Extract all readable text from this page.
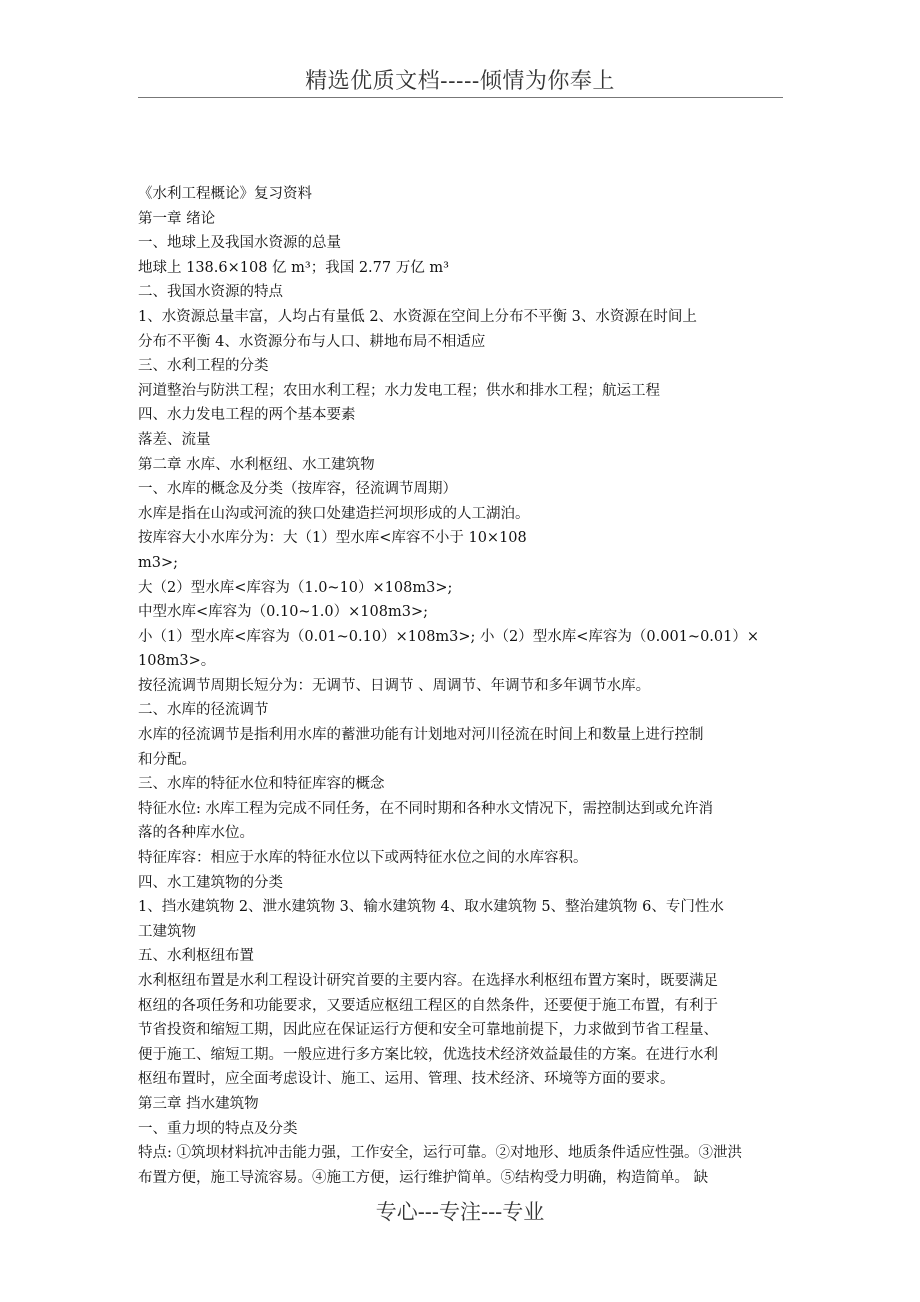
精选优质文档-----倾情为你奉上
《水利工程概论》复习资料
第一章 绪论
一、地球上及我国水资源的总量
地球上 138.6×108 亿 m³；我国 2.77 万亿 m³
二、我国水资源的特点
1、水资源总量丰富，人均占有量低 2、水资源在空间上分布不平衡 3、水资源在时间上
分布不平衡 4、水资源分布与人口、耕地布局不相适应
三、水利工程的分类
河道整治与防洪工程；农田水利工程；水力发电工程；供水和排水工程；航运工程
四、水力发电工程的两个基本要素
落差、流量
第二章 水库、水利枢纽、水工建筑物
一、水库的概念及分类（按库容，径流调节周期）
水库是指在山沟或河流的狭口处建造拦河坝形成的人工湖泊。
按库容大小水库分为：大（1）型水库<库容不小于 10×108
m3>;
大（2）型水库<库容为（1.0~10）×108m3>;
中型水库<库容为（0.10~1.0）×108m3>;
小（1）型水库<库容为（0.01~0.10）×108m3>; 小（2）型水库<库容为（0.001~0.01）×
108m3>。
按径流调节周期长短分为：无调节、日调节 、周调节、年调节和多年调节水库。
二、水库的径流调节
水库的径流调节是指利用水库的蓄泄功能有计划地对河川径流在时间上和数量上进行控制
和分配。
三、水库的特征水位和特征库容的概念
特征水位: 水库工程为完成不同任务，在不同时期和各种水文情况下，需控制达到或允许消
落的各种库水位。
特征库容：相应于水库的特征水位以下或两特征水位之间的水库容积。
四、水工建筑物的分类
1、挡水建筑物 2、泄水建筑物 3、输水建筑物 4、取水建筑物 5、整治建筑物 6、专门性水
工建筑物
五、水利枢纽布置
水利枢纽布置是水利工程设计研究首要的主要内容。在选择水利枢纽布置方案时，既要满足
枢纽的各项任务和功能要求，又要适应枢纽工程区的自然条件，还要便于施工布置，有利于
节省投资和缩短工期，因此应在保证运行方便和安全可靠地前提下，力求做到节省工程量、
便于施工、缩短工期。一般应进行多方案比较，优选技术经济效益最佳的方案。在进行水利
枢纽布置时，应全面考虑设计、施工、运用、管理、技术经济、环境等方面的要求。
第三章 挡水建筑物
一、重力坝的特点及分类
特点: ①筑坝材料抗冲击能力强，工作安全，运行可靠。②对地形、地质条件适应性强。③泄洪
布置方便，施工导流容易。④施工方便，运行维护简单。⑤结构受力明确，构造简单。 缺
专心---专注---专业
